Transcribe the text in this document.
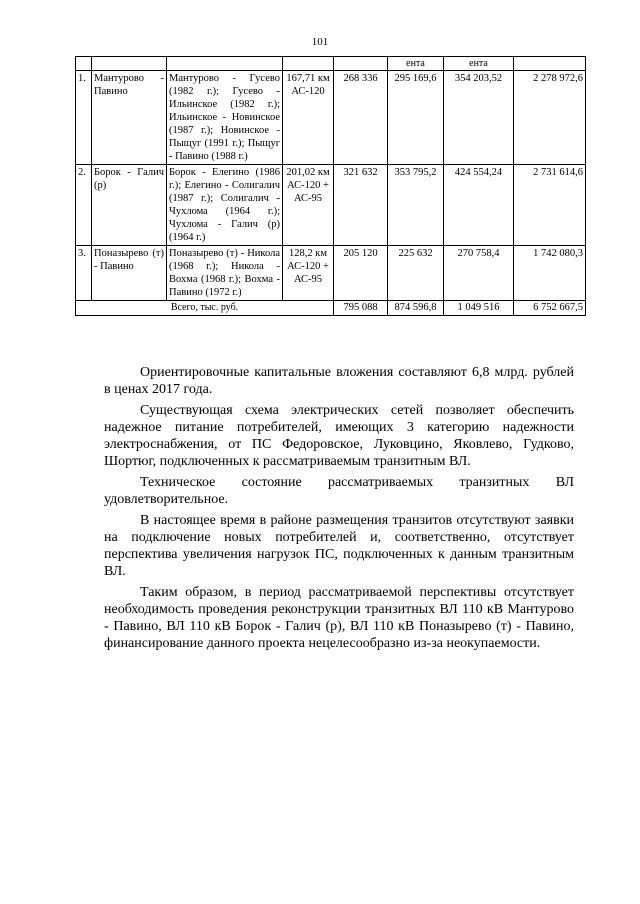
101
					ента	ента	
1.	Мантурово - Павино	Мантурово - Гусево (1982 г.); Гусево - Ильинское (1982 г.); Ильинское - Новинское (1987 г.); Новинское - Пыщуг (1991 г.); Пыщуг - Павино (1988 г.)	167,71 км АС-120	268 336	295 169,6	354 203,52	2 278 972,6
2.	Борок - Галич (р)	Борок - Елегино (1986 г.); Елегино - Солигалич (1987 г.); Солигалич - Чухлома (1964 г.); Чухлома - Галич (р) (1964 г.)	201,02 км АС-120 + АС-95	321 632	353 795,2	424 554,24	2 731 614,6
3.	Поназырево (т) - Павино	Поназырево (т) - Никола (1968 г.); Никола - Вохма (1968 г.); Вохма - Павино (1972 г.)	128,2 км АС-120 + АС-95	205 120	225 632	270 758,4	1 742 080,3
Всего, тыс. руб.				795 088	874 596,8	1 049 516	6 752 667,5

Ориентировочные капитальные вложения составляют 6,8 млрд. рублей в ценах 2017 года.

Существующая схема электрических сетей позволяет обеспечить надежное питание потребителей, имеющих 3 категорию надежности электроснабжения, от ПС Федоровское, Луковцино, Яковлево, Гудково, Шортюг, подключенных к рассматриваемым транзитным ВЛ.

Техническое состояние рассматриваемых транзитных ВЛ удовлетворительное.

В настоящее время в районе размещения транзитов отсутствуют заявки на подключение новых потребителей и, соответственно, отсутствует перспектива увеличения нагрузок ПС, подключенных к данным транзитным ВЛ.

Таким образом, в период рассматриваемой перспективы отсутствует необходимость проведения реконструкции транзитных ВЛ 110 кВ Мантурово - Павино, ВЛ 110 кВ Борок - Галич (р), ВЛ 110 кВ Поназырево (т) - Павино, финансирование данного проекта нецелесообразно из-за неокупаемости.
